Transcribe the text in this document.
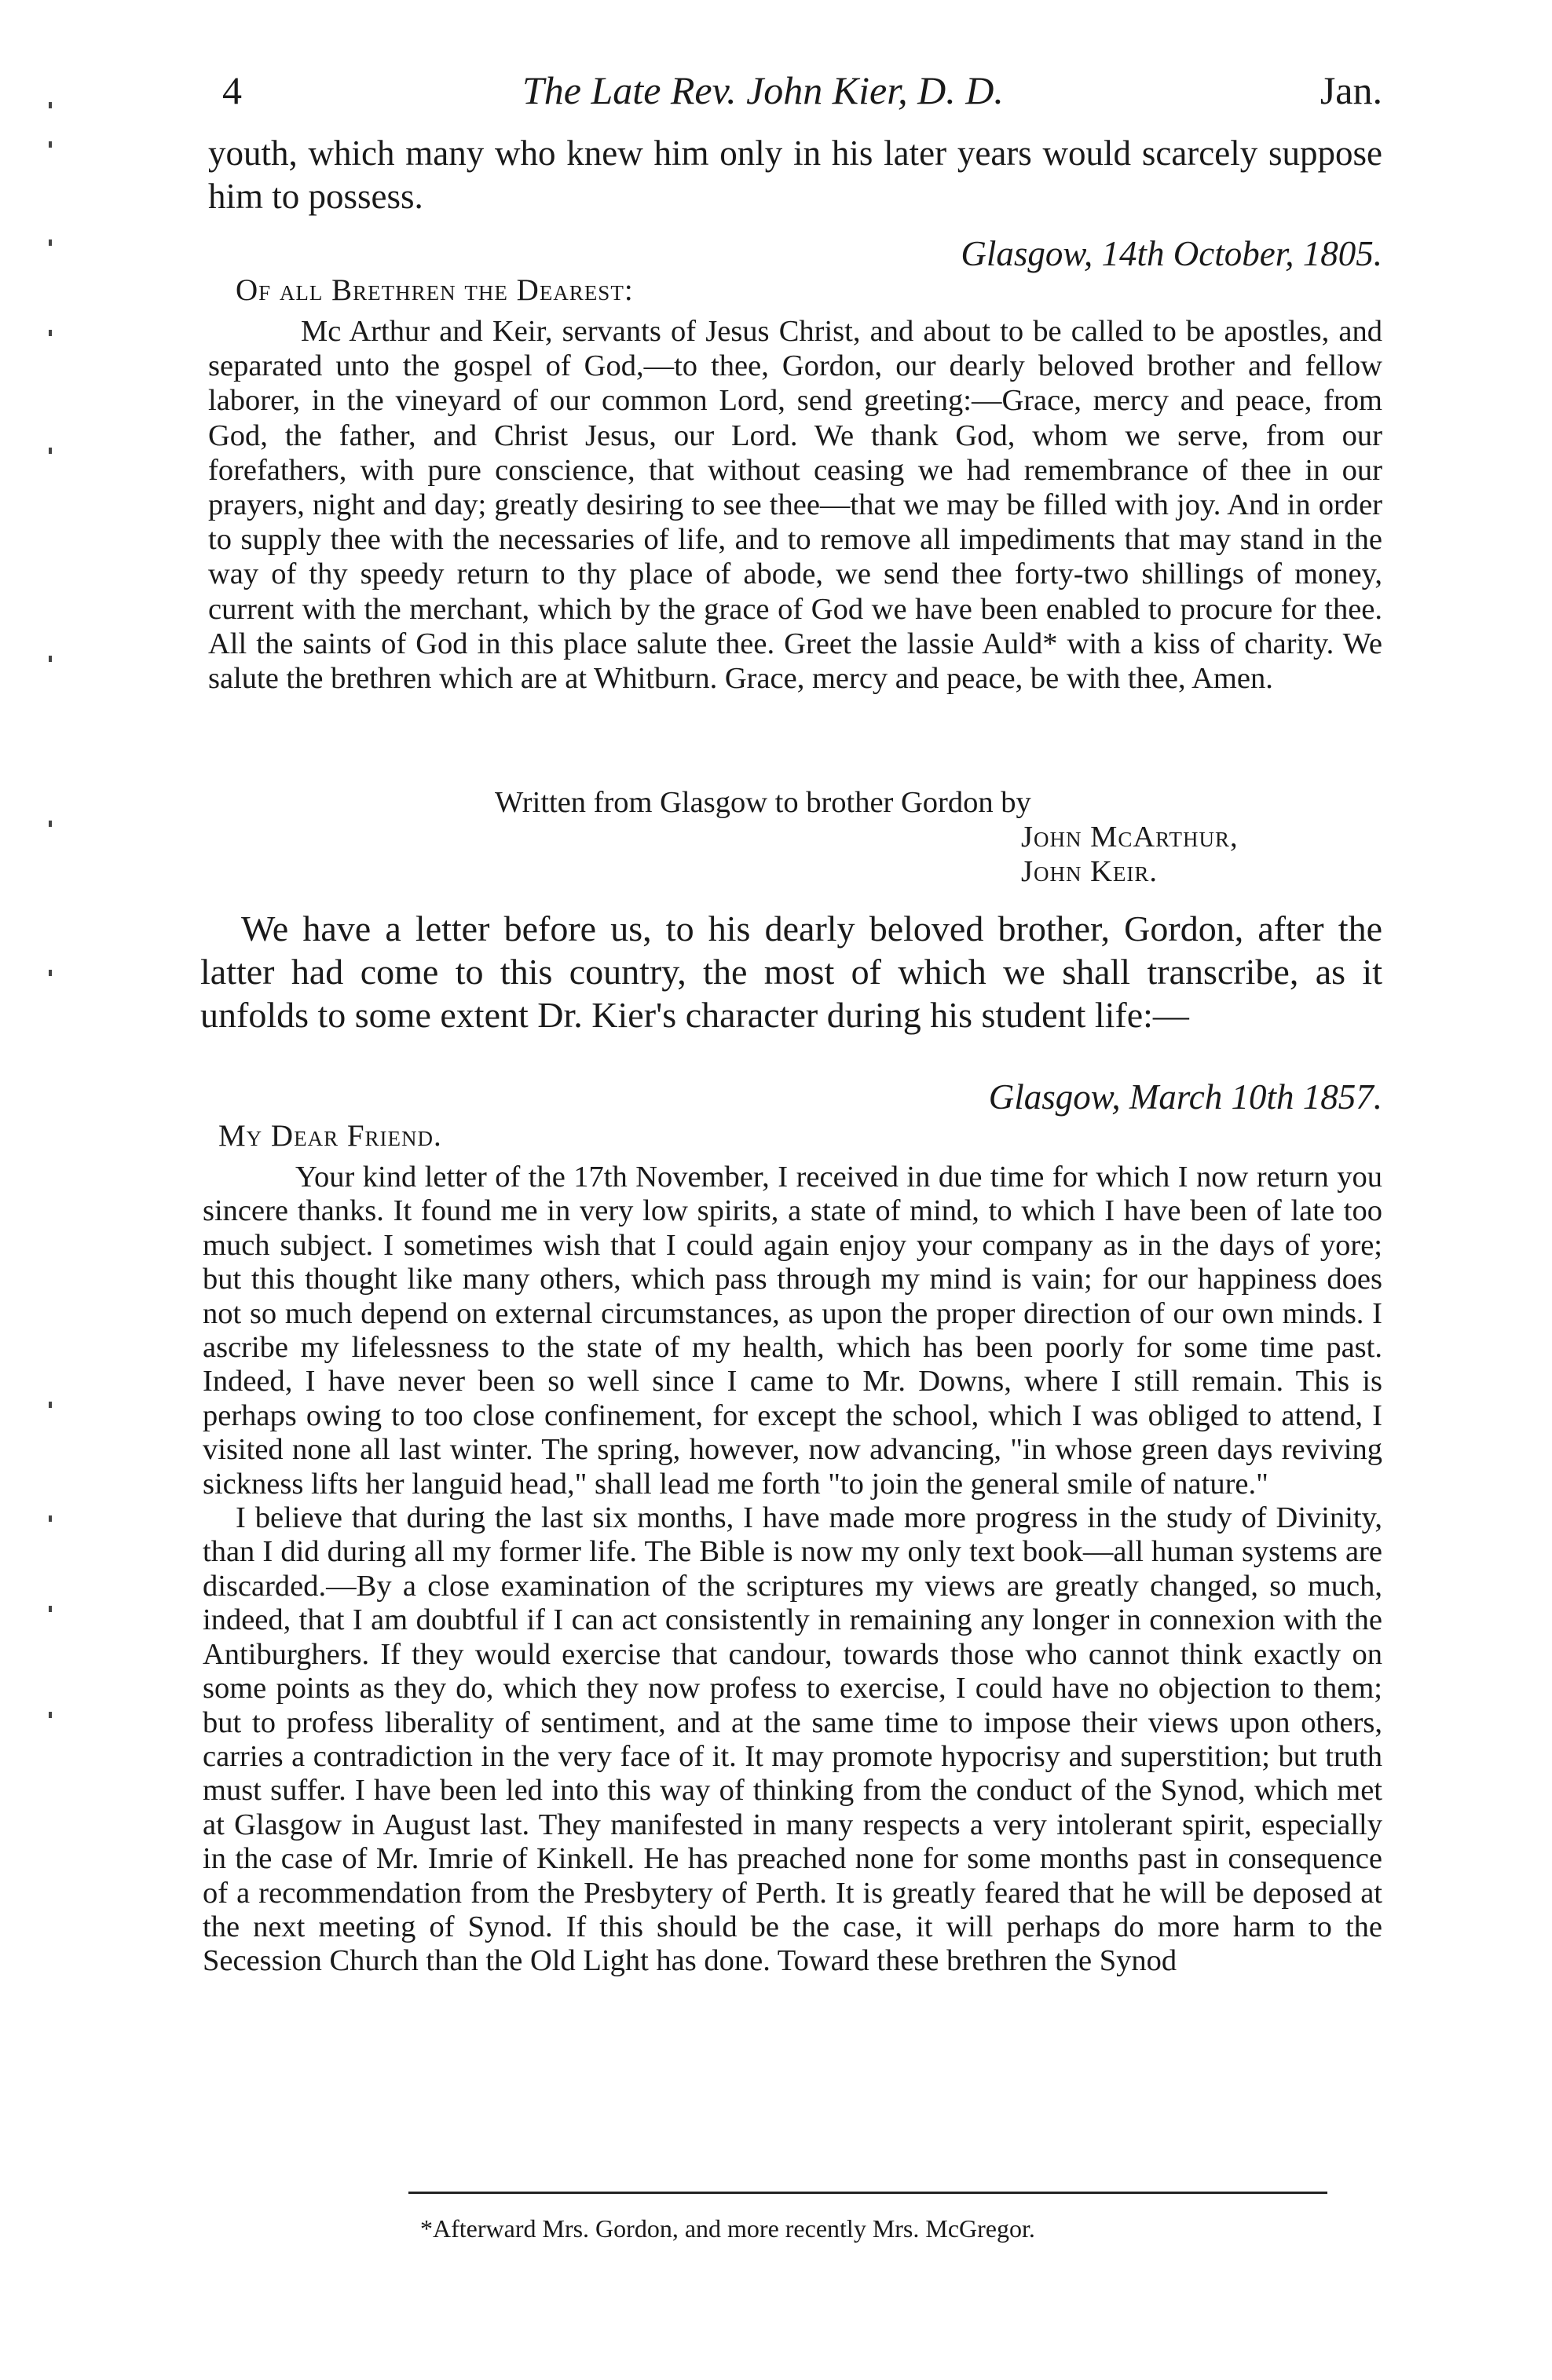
4	The Late Rev. John Kier, D. D.	Jan.

youth, which many who knew him only in his later years would scarcely suppose him to possess.

Glasgow, 14th October, 1805.

Of all Brethren the Dearest:

Mc Arthur and Keir, servants of Jesus Christ, and about to be called to be apostles, and separated unto the gospel of God,—to thee, Gordon, our dearly beloved brother and fellow laborer, in the vineyard of our common Lord, send greeting:—Grace, mercy and peace, from God, the father, and Christ Jesus, our Lord. We thank God, whom we serve, from our forefathers, with pure conscience, that without ceasing we had remembrance of thee in our prayers, night and day; greatly desiring to see thee—that we may be filled with joy. And in order to supply thee with the necessaries of life, and to remove all impediments that may stand in the way of thy speedy return to thy place of abode, we send thee forty-two shillings of money, current with the merchant, which by the grace of God we have been enabled to procure for thee. All the saints of God in this place salute thee. Greet the lassie Auld* with a kiss of charity. We salute the brethren which are at Whitburn. Grace, mercy and peace, be with thee, Amen.

Written from Glasgow to brother Gordon by

John McArthur,

John Keir.

We have a letter before us, to his dearly beloved brother, Gordon, after the latter had come to this country, the most of which we shall transcribe, as it unfolds to some extent Dr. Kier's character during his student life:—

Glasgow, March 10th 1857.

My Dear Friend.

Your kind letter of the 17th November, I received in due time for which I now return you sincere thanks. It found me in very low spirits, a state of mind, to which I have been of late too much subject. I sometimes wish that I could again enjoy your company as in the days of yore; but this thought like many others, which pass through my mind is vain; for our happiness does not so much depend on external circumstances, as upon the proper direction of our own minds. I ascribe my lifelessness to the state of my health, which has been poorly for some time past. Indeed, I have never been so well since I came to Mr. Downs, where I still remain. This is perhaps owing to too close confinement, for except the school, which I was obliged to attend, I visited none all last winter. The spring, however, now advancing, "in whose green days reviving sickness lifts her languid head," shall lead me forth "to join the general smile of nature."

I believe that during the last six months, I have made more progress in the study of Divinity, than I did during all my former life. The Bible is now my only text book—all human systems are discarded.—By a close examination of the scriptures my views are greatly changed, so much, indeed, that I am doubtful if I can act consistently in remaining any longer in connexion with the Antiburghers. If they would exercise that candour, towards those who cannot think exactly on some points as they do, which they now profess to exercise, I could have no objection to them; but to profess liberality of sentiment, and at the same time to impose their views upon others, carries a contradiction in the very face of it. It may promote hypocrisy and superstition; but truth must suffer. I have been led into this way of thinking from the conduct of the Synod, which met at Glasgow in August last. They manifested in many respects a very intolerant spirit, especially in the case of Mr. Imrie of Kinkell. He has preached none for some months past in consequence of a recommendation from the Presbytery of Perth. It is greatly feared that he will be deposed at the next meeting of Synod. If this should be the case, it will perhaps do more harm to the Secession Church than the Old Light has done. Toward these brethren the Synod

*Afterward Mrs. Gordon, and more recently Mrs. McGregor.
